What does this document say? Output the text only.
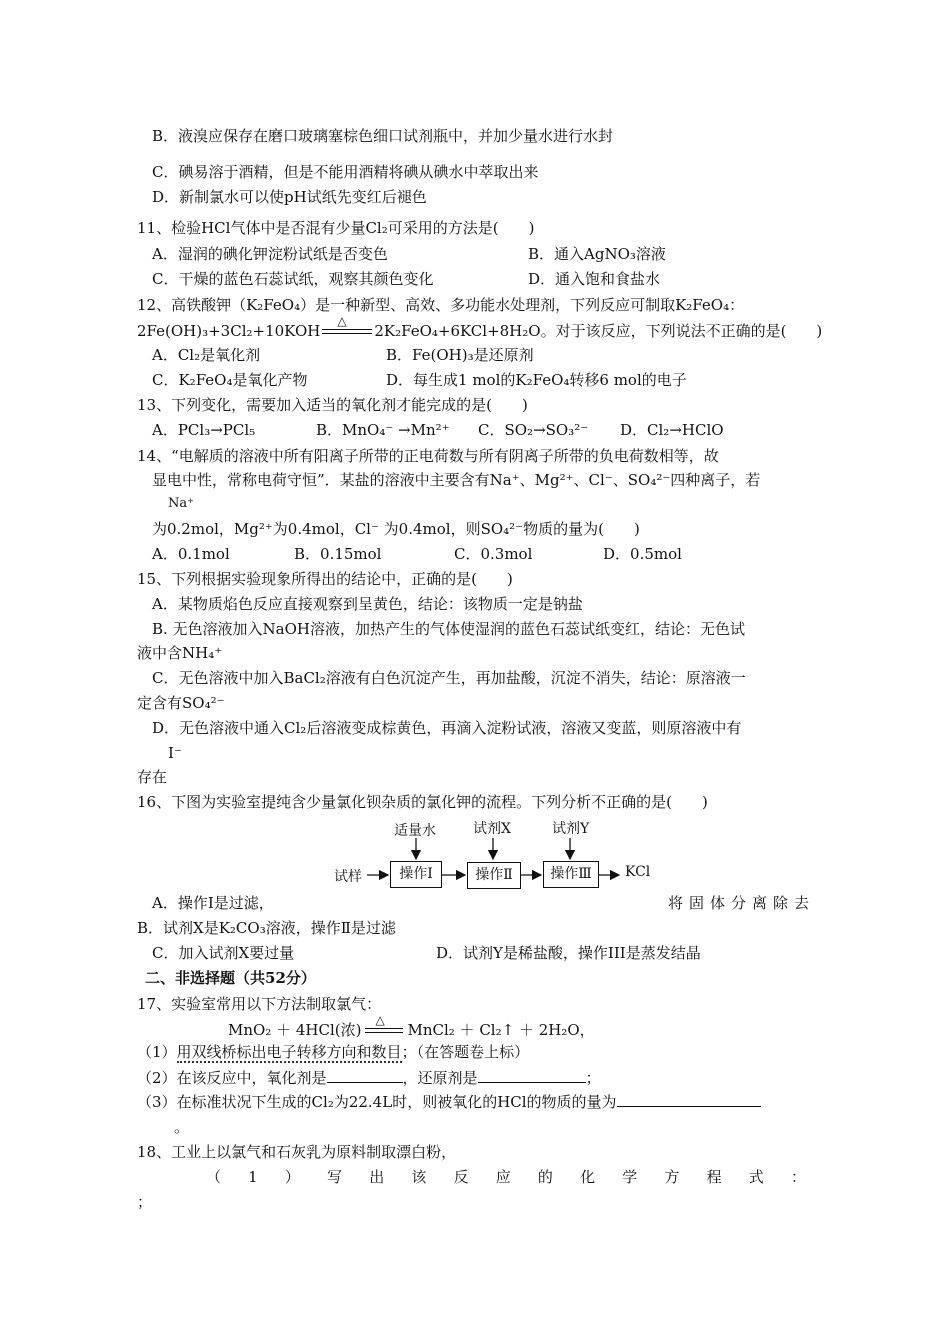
B．液溴应保存在磨口玻璃塞棕色细口试剂瓶中，并加少量水进行水封
C．碘易溶于酒精，但是不能用酒精将碘从碘水中萃取出来
D．新制氯水可以使pH试纸先变红后褪色
11、检验HCl气体中是否混有少量Cl₂可采用的方法是(　　)
A．湿润的碘化钾淀粉试纸是否变色	B．通入AgNO₃溶液
C．干燥的蓝色石蕊试纸，观察其颜色变化	D．通入饱和食盐水
12、高铁酸钾（K₂FeO₄）是一种新型、高效、多功能水处理剂，下列反应可制取K₂FeO₄：
2Fe(OH)₃+3Cl₂+10KOH
△
2K₂FeO₄+6KCl+8H₂O。对于该反应，下列说法不正确的是(　　)
A．Cl₂是氧化剂	B．Fe(OH)₃是还原剂
C．K₂FeO₄是氧化产物	D．每生成1 mol的K₂FeO₄转移6 mol的电子
13、下列变化，需要加入适当的氧化剂才能完成的是(　　)
A．PCl₃→PCl₅	B．MnO₄⁻ →Mn²⁺ C．SO₂→SO₃²⁻ D．Cl₂→HClO
14、“电解质的溶液中所有阳离子所带的正电荷数与所有阴离子所带的负电荷数相等，故
显电中性，常称电荷守恒”．某盐的溶液中主要含有Na⁺、Mg²⁺、Cl⁻、SO₄²⁻四种离子，若
Na⁺
为0.2mol，Mg²⁺为0.4mol，Cl⁻ 为0.4mol，则SO₄²⁻物质的量为(　　)
A．0.1mol	B．0.15mol	C．0.3mol	D．0.5mol
15、下列根据实验现象所得出的结论中，正确的是(　　)
A．某物质焰色反应直接观察到呈黄色，结论：该物质一定是钠盐
B. 无色溶液加入NaOH溶液，加热产生的气体使湿润的蓝色石蕊试纸变红，结论：无色试
液中含NH₄⁺
C．无色溶液中加入BaCl₂溶液有白色沉淀产生，再加盐酸，沉淀不消失，结论：原溶液一
定含有SO₄²⁻
D．无色溶液中通入Cl₂后溶液变成棕黄色，再滴入淀粉试液，溶液又变蓝，则原溶液中有
I⁻
存在
16、下图为实验室提纯含少量氯化钡杂质的氯化钾的流程。下列分析不正确的是(　　)
试样
适量水	试剂X	试剂Y
操作Ⅰ	操作Ⅱ	操作Ⅲ	KCl
A．操作Ⅰ是过滤，	将固体分离除去
B．试剂X是K₂CO₃溶液，操作Ⅱ是过滤
C．加入试剂X要过量	D．试剂Y是稀盐酸，操作III是蒸发结晶
二、非选择题（共52分）
17、实验室常用以下方法制取氯气：
MnO₂ ＋ 4HCl(浓)
△
MnCl₂ ＋ Cl₂↑ ＋ 2H₂O，
（1）用双线桥标出电子转移方向和数目；（在答题卷上标）
（2）在该反应中，氧化剂是	，还原剂是	；
（3）在标准状况下生成的Cl₂为22.4L时，则被氧化的HCl的物质的量为
。
18、工业上以氯气和石灰乳为原料制取漂白粉，
（ 1 ） 写 出 该 反 应 的 化 学 方 程 式 ：
；
